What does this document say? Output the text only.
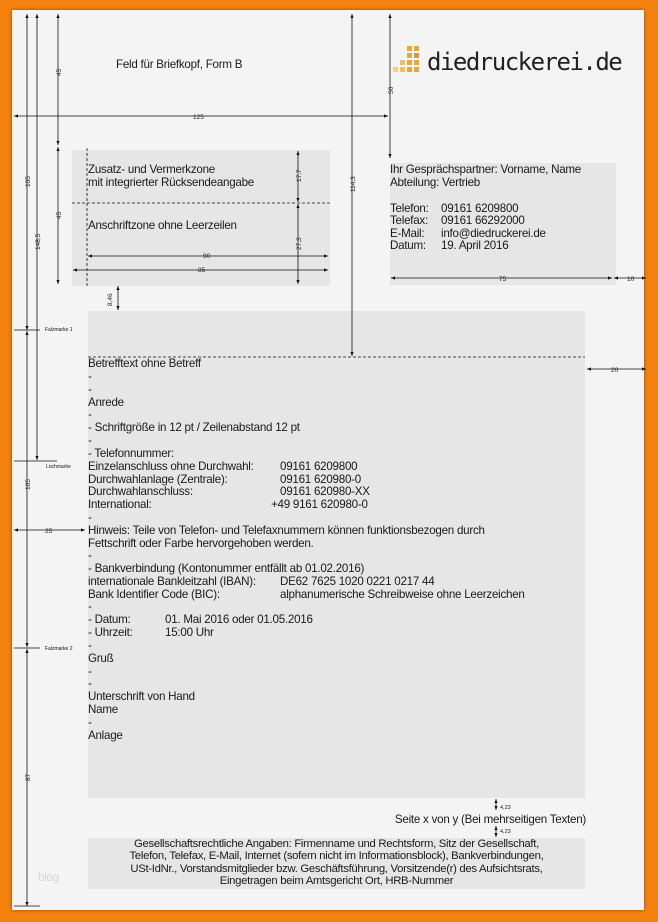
Feld für Briefkopf, Form B	diedruckerei.de
Zusatz- und Vermerkzone
mit integrierter Rücksendeangabe
Anschriftzone ohne Leerzeilen
Ihr Gesprächspartner: Vorname, Name
Abteilung: Vertrieb
Telefon: 09161 6209800
Telefax: 09161 66292000
E-Mail: info@diedruckerei.de
Datum: 19. April 2016
Falzmarke 1
Lochmarke
Falzmarke 2
Betrefftext ohne Betreff
-
-
Anrede
-
- Schriftgröße in 12 pt / Zeilenabstand 12 pt
-
- Telefonnummer:
Einzelanschluss ohne Durchwahl: 09161 6209800
Durchwahlanlage (Zentrale):	09161 620980-0
Durchwahlanschluss:	09161 620980-XX
International:	+49 9161 620980-0
-
Hinweis: Teile von Telefon- und Telefaxnummern können funktionsbezogen durch
Fettschrift oder Farbe hervorgehoben werden.
-
- Bankverbindung (Kontonummer entfällt ab 01.02.2016)
internationale Bankleitzahl (IBAN): DE62 7625 1020 0221 0217 44
Bank Identifier Code (BIC):	alphanumerische Schreibweise ohne Leerzeichen
-
- Datum:	01. Mai 2016 oder 01.05.2016
- Uhrzeit:	15:00 Uhr
-
Gruß
-
-
Unterschrift von Hand
Name
-
Anlage
Seite x von y (Bei mehrseitigen Texten)
Gesellschaftsrechtliche Angaben: Firmenname und Rechtsform, Sitz der Gesellschaft,
Telefon, Telefax, E-Mail, Internet (sofern nicht im Informationsblock), Bankverbindungen,
USt-IdNr., Vorstandsmitglieder bzw. Geschäftsführung, Vorsitzende(r) des Aufsichtsrats,
Eingetragen beim Amtsgericht Ort, HRB-Nummer
blog
105
148,5
45
45
125
114,3
50
17,7
27,3
90
85
8,46
75	10
20
25
105
87
4,23
4,23
